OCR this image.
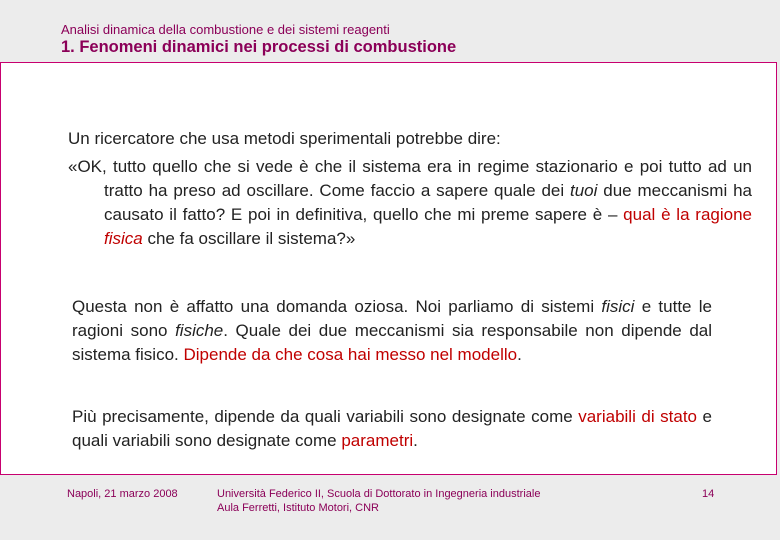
Analisi dinamica della combustione e dei sistemi reagenti
1. Fenomeni dinamici nei processi di combustione
Un ricercatore che usa metodi sperimentali potrebbe dire:
«OK, tutto quello che si vede è che il sistema era in regime stazionario e poi tutto ad un tratto ha preso ad oscillare. Come faccio a sapere quale dei tuoi due meccanismi ha causato il fatto? E poi in definitiva, quello che mi preme sapere è – qual è la ragione fisica che fa oscillare il sistema?»
Questa non è affatto una domanda oziosa. Noi parliamo di sistemi fisici e tutte le ragioni sono fisiche. Quale dei due meccanismi sia responsabile non dipende dal sistema fisico. Dipende da che cosa hai messo nel modello.
Più precisamente, dipende da quali variabili sono designate come variabili di stato e quali variabili sono designate come parametri.
Napoli, 21 marzo 2008	Università Federico II, Scuola di Dottorato in Ingegneria industriale
Aula Ferretti, Istituto Motori, CNR
14
